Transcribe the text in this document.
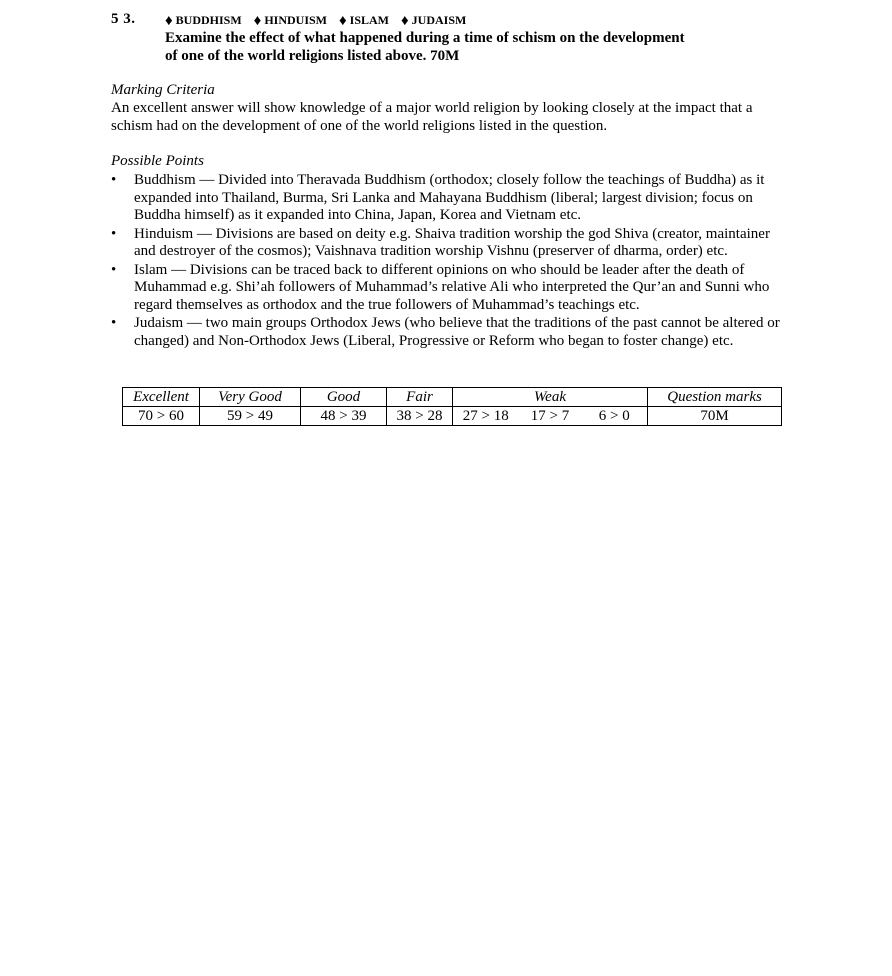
5 3. ♦ BUDDHISM ♦ HINDUISM ♦ ISLAM ♦ JUDAISM
Examine the effect of what happened during a time of schism on the development
of one of the world religions listed above. 70M
Marking Criteria
An excellent answer will show knowledge of a major world religion by looking closely at the impact that a schism had on the development of one of the world religions listed in the question.
Possible Points
• Buddhism — Divided into Theravada Buddhism (orthodox; closely follow the teachings of Buddha) as it expanded into Thailand, Burma, Sri Lanka and Mahayana Buddhism (liberal; largest division; focus on Buddha himself) as it expanded into China, Japan, Korea and Vietnam etc.
• Hinduism — Divisions are based on deity e.g. Shaiva tradition worship the god Shiva (creator, maintainer and destroyer of the cosmos); Vaishnava tradition worship Vishnu (preserver of dharma, order) etc.
• Islam — Divisions can be traced back to different opinions on who should be leader after the death of Muhammad e.g. Shi’ah followers of Muhammad’s relative Ali who interpreted the Qur’an and Sunni who regard themselves as orthodox and the true followers of Muhammad’s teachings etc.
• Judaism — two main groups Orthodox Jews (who believe that the traditions of the past cannot be altered or changed) and Non-Orthodox Jews (Liberal, Progressive or Reform who began to foster change) etc.
Excellent	Very Good	Good	Fair	Weak			Question marks
70 > 60	59 > 49	48 > 39	38 > 28	27 > 18	17 > 7	6 > 0	70M
